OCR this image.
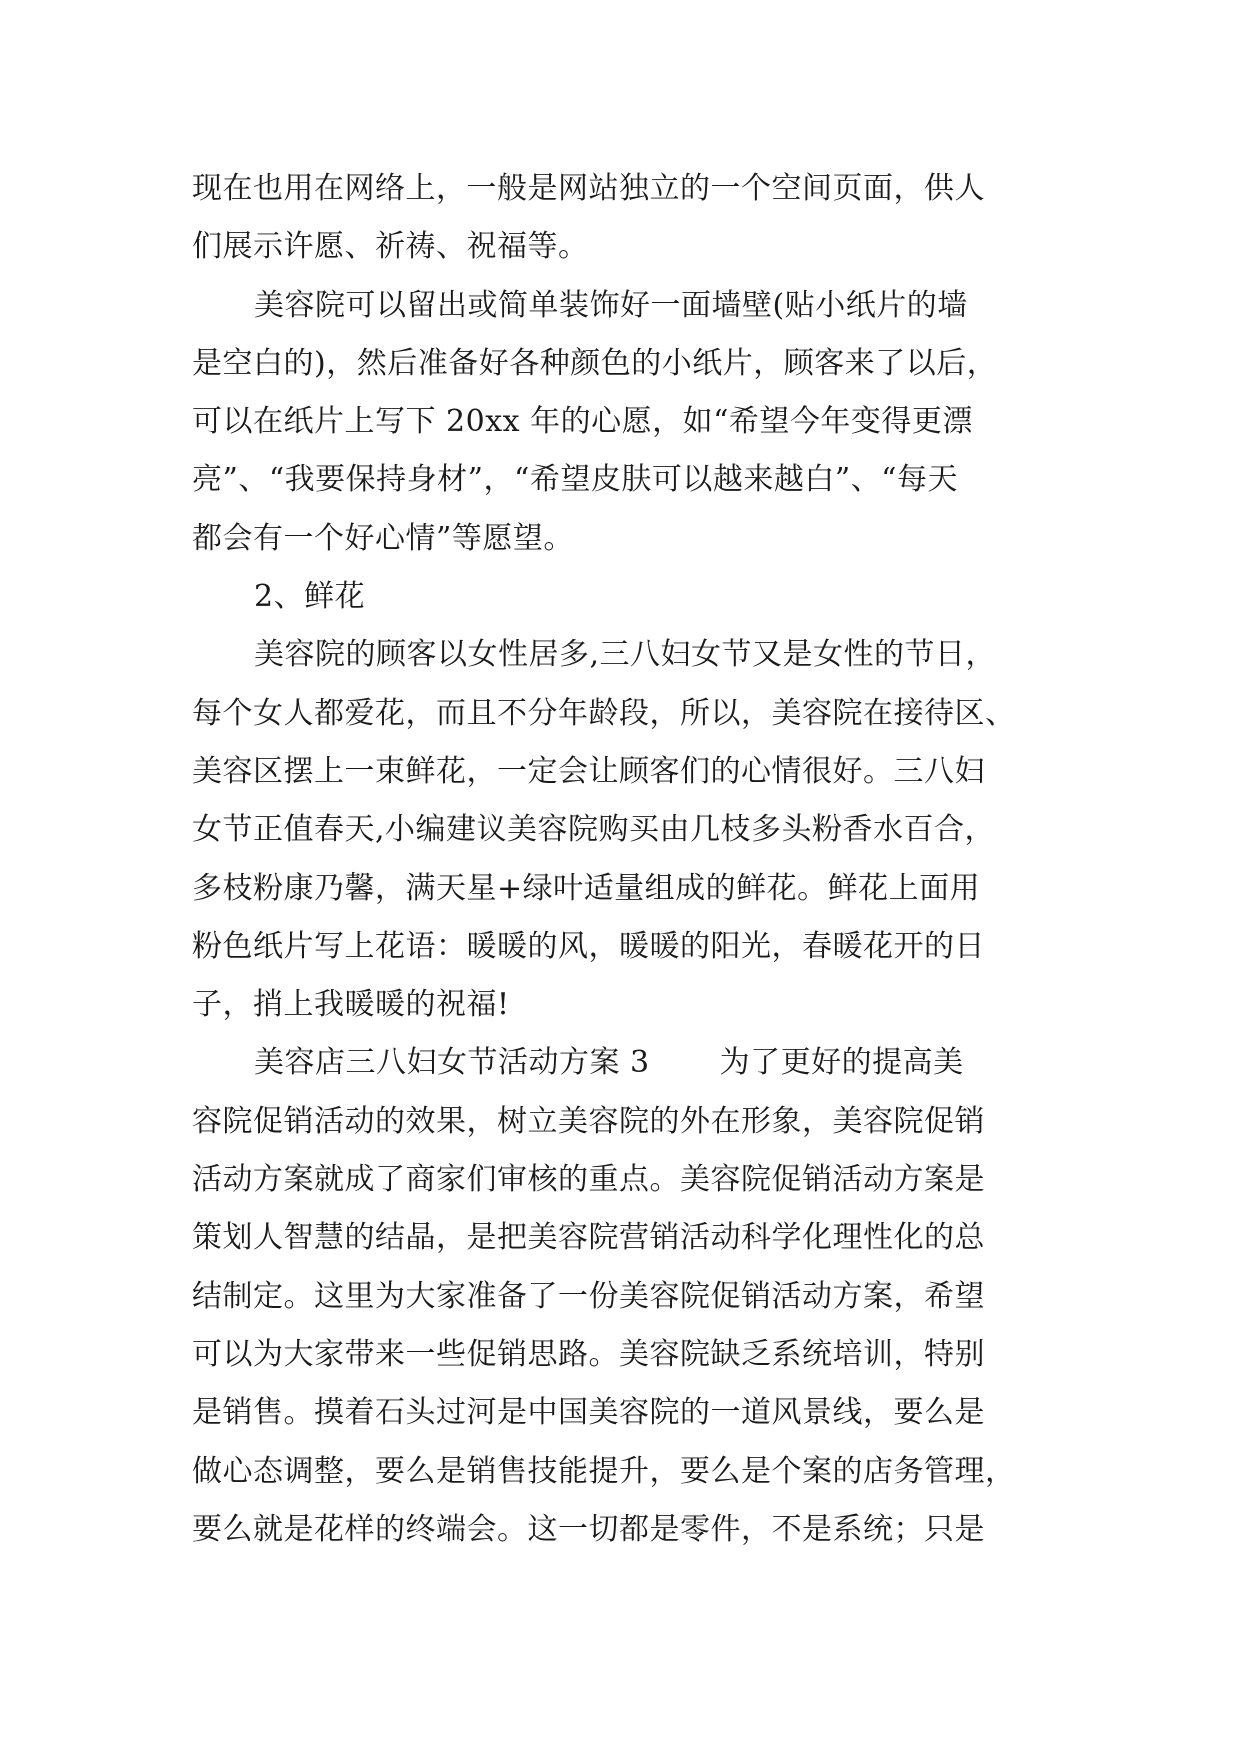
现在也用在网络上，一般是网站独立的一个空间页面，供人
们展示许愿、祈祷、祝福等。
美容院可以留出或简单装饰好一面墙壁(贴小纸片的墙
是空白的)，然后准备好各种颜色的小纸片，顾客来了以后，
可以在纸片上写下 20xx 年的心愿，如“希望今年变得更漂
亮”、“我要保持身材”，“希望皮肤可以越来越白”、“每天
都会有一个好心情”等愿望。
2、鲜花
美容院的顾客以女性居多,三八妇女节又是女性的节日，
每个女人都爱花，而且不分年龄段，所以，美容院在接待区、
美容区摆上一束鲜花，一定会让顾客们的心情很好。三八妇
女节正值春天,小编建议美容院购买由几枝多头粉香水百合，
多枝粉康乃馨，满天星+绿叶适量组成的鲜花。鲜花上面用
粉色纸片写上花语：暖暖的风，暖暖的阳光，春暖花开的日
子，捎上我暖暖的祝福!
美容店三八妇女节活动方案 3 为了更好的提高美
容院促销活动的效果，树立美容院的外在形象，美容院促销
活动方案就成了商家们审核的重点。美容院促销活动方案是
策划人智慧的结晶，是把美容院营销活动科学化理性化的总
结制定。这里为大家准备了一份美容院促销活动方案，希望
可以为大家带来一些促销思路。美容院缺乏系统培训，特别
是销售。摸着石头过河是中国美容院的一道风景线，要么是
做心态调整，要么是销售技能提升，要么是个案的店务管理，
要么就是花样的终端会。这一切都是零件，不是系统；只是
